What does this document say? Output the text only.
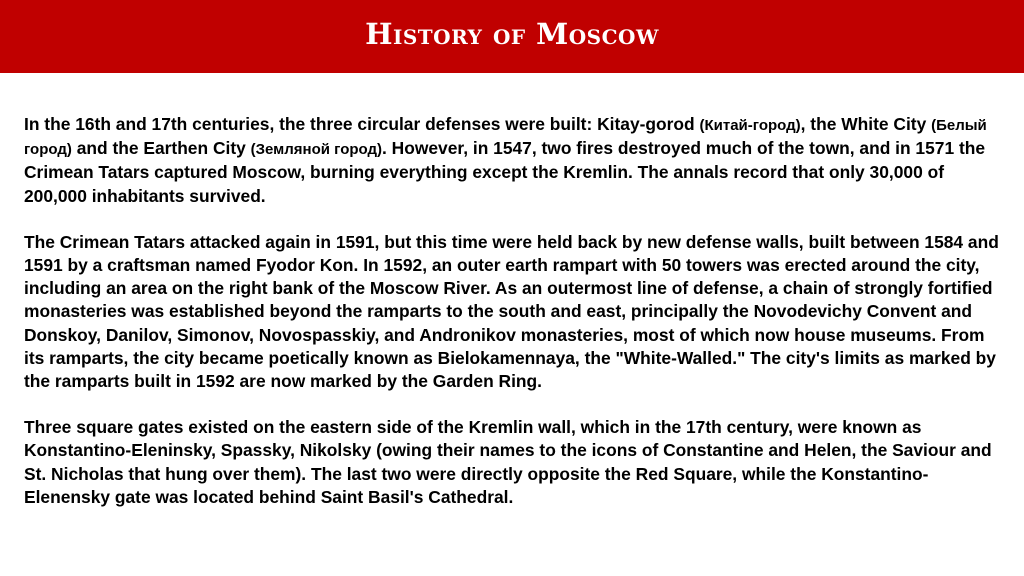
History of Moscow

In the 16th and 17th centuries, the three circular defenses were built: Kitay-gorod (Китай-город), the White City (Белый город) and the Earthen City (Земляной город). However, in 1547, two fires destroyed much of the town, and in 1571 the Crimean Tatars captured Moscow, burning everything except the Kremlin. The annals record that only 30,000 of 200,000 inhabitants survived.

The Crimean Tatars attacked again in 1591, but this time were held back by new defense walls, built between 1584 and 1591 by a craftsman named Fyodor Kon. In 1592, an outer earth rampart with 50 towers was erected around the city, including an area on the right bank of the Moscow River. As an outermost line of defense, a chain of strongly fortified monasteries was established beyond the ramparts to the south and east, principally the Novodevichy Convent and Donskoy, Danilov, Simonov, Novospasskiy, and Andronikov monasteries, most of which now house museums. From its ramparts, the city became poetically known as Bielokamennaya, the "White-Walled." The city's limits as marked by the ramparts built in 1592 are now marked by the Garden Ring.

Three square gates existed on the eastern side of the Kremlin wall, which in the 17th century, were known as Konstantino-Eleninsky, Spassky, Nikolsky (owing their names to the icons of Constantine and Helen, the Saviour and St. Nicholas that hung over them). The last two were directly opposite the Red Square, while the Konstantino-Elenensky gate was located behind Saint Basil's Cathedral.
